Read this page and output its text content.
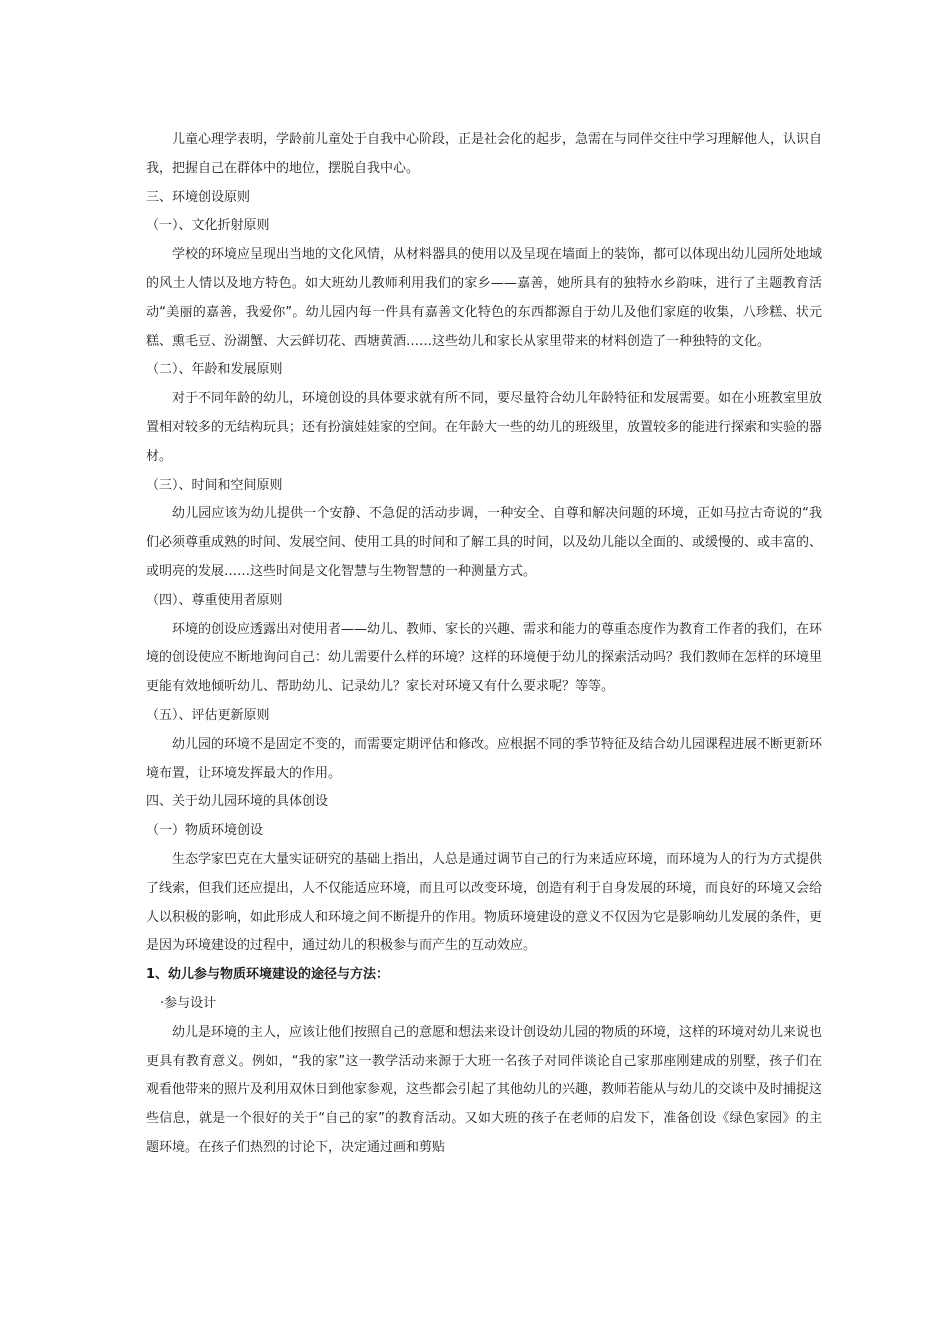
儿童心理学表明，学龄前儿童处于自我中心阶段，正是社会化的起步，急需在与同伴交往中学习理解他人，认识自我，把握自己在群体中的地位，摆脱自我中心。

三、环境创设原则

（一）、文化折射原则

学校的环境应呈现出当地的文化风情，从材料器具的使用以及呈现在墙面上的装饰，都可以体现出幼儿园所处地域的风土人情以及地方特色。如大班幼儿教师利用我们的家乡——嘉善，她所具有的独特水乡韵味，进行了主题教育活动“美丽的嘉善，我爱你”。幼儿园内每一件具有嘉善文化特色的东西都源自于幼儿及他们家庭的收集，八珍糕、状元糕、熏毛豆、汾湖蟹、大云鲜切花、西塘黄酒……这些幼儿和家长从家里带来的材料创造了一种独特的文化。

（二）、年龄和发展原则

对于不同年龄的幼儿，环境创设的具体要求就有所不同，要尽量符合幼儿年龄特征和发展需要。如在小班教室里放置相对较多的无结构玩具；还有扮演娃娃家的空间。在年龄大一些的幼儿的班级里，放置较多的能进行探索和实验的器材。

（三）、时间和空间原则

幼儿园应该为幼儿提供一个安静、不急促的活动步调，一种安全、自尊和解决问题的环境，正如马拉古奇说的“我们必须尊重成熟的时间、发展空间、使用工具的时间和了解工具的时间，以及幼儿能以全面的、或缓慢的、或丰富的、或明亮的发展……这些时间是文化智慧与生物智慧的一种测量方式。

（四）、尊重使用者原则

环境的创设应透露出对使用者——幼儿、教师、家长的兴趣、需求和能力的尊重态度作为教育工作者的我们，在环境的创设使应不断地询问自己：幼儿需要什么样的环境？这样的环境便于幼儿的探索活动吗？我们教师在怎样的环境里更能有效地倾听幼儿、帮助幼儿、记录幼儿？家长对环境又有什么要求呢？等等。

（五）、评估更新原则

幼儿园的环境不是固定不变的，而需要定期评估和修改。应根据不同的季节特征及结合幼儿园课程进展不断更新环境布置，让环境发挥最大的作用。

四、关于幼儿园环境的具体创设

（一）物质环境创设

生态学家巴克在大量实证研究的基础上指出，人总是通过调节自己的行为来适应环境，而环境为人的行为方式提供了线索，但我们还应提出，人不仅能适应环境，而且可以改变环境，创造有利于自身发展的环境，而良好的环境又会给人以积极的影响，如此形成人和环境之间不断提升的作用。物质环境建设的意义不仅因为它是影响幼儿发展的条件，更是因为环境建设的过程中，通过幼儿的积极参与而产生的互动效应。

1、幼儿参与物质环境建设的途径与方法：

·参与设计

幼儿是环境的主人，应该让他们按照自己的意愿和想法来设计创设幼儿园的物质的环境，这样的环境对幼儿来说也更具有教育意义。例如，“我的家”这一教学活动来源于大班一名孩子对同伴谈论自己家那座刚建成的别墅，孩子们在观看他带来的照片及利用双休日到他家参观，这些都会引起了其他幼儿的兴趣，教师若能从与幼儿的交谈中及时捕捉这些信息，就是一个很好的关于“自己的家”的教育活动。又如大班的孩子在老师的启发下，准备创设《绿色家园》的主题环境。在孩子们热烈的讨论下，决定通过画和剪贴
